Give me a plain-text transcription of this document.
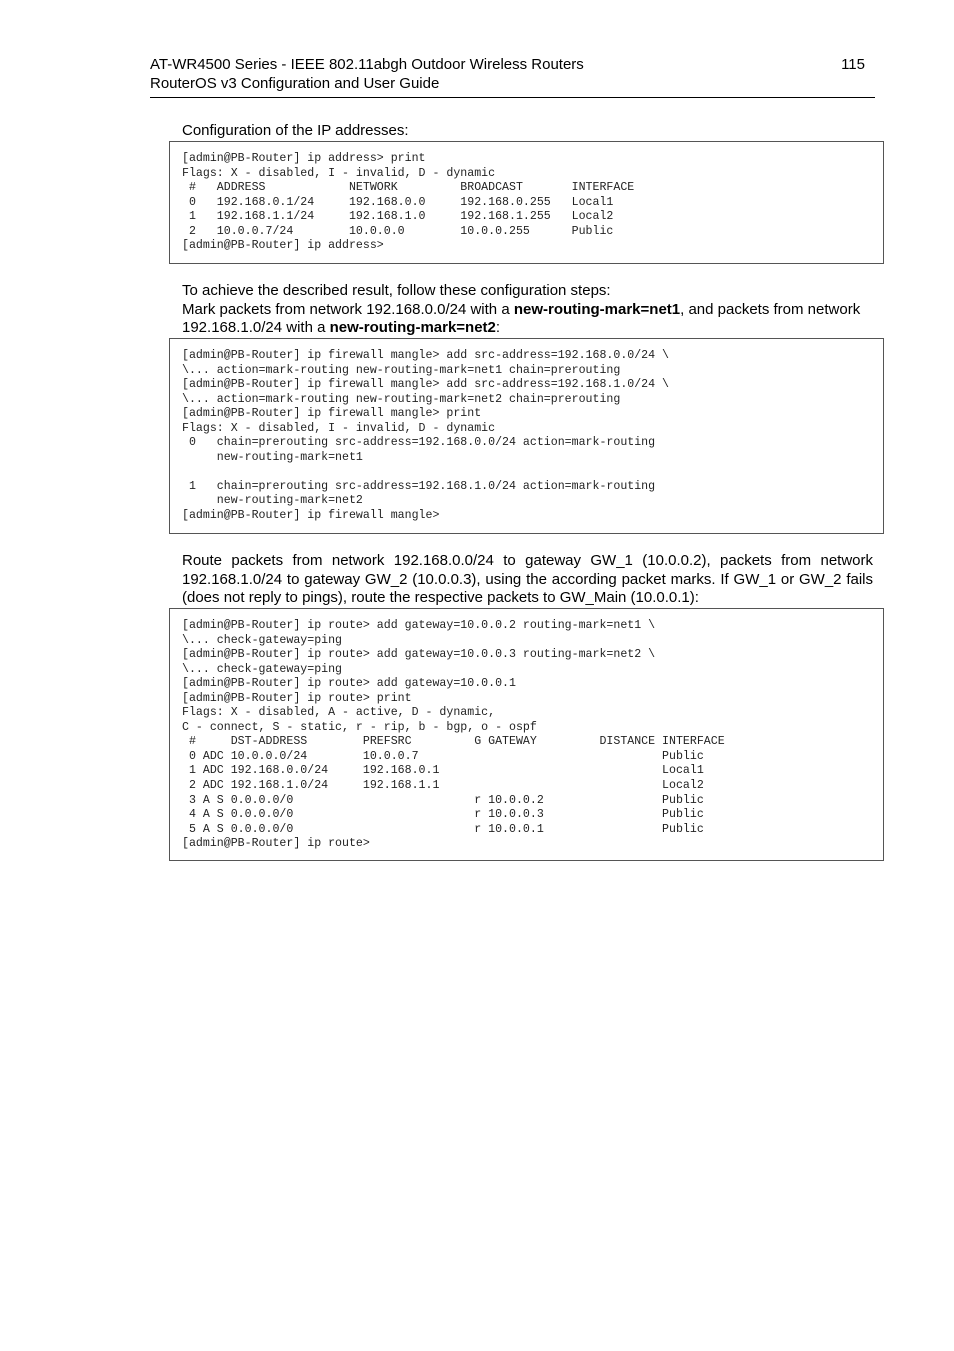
AT-WR4500 Series - IEEE 802.11abgh Outdoor Wireless Routers
RouterOS v3 Configuration and User Guide
115
Configuration of the IP addresses:
[admin@PB-Router] ip address> print
Flags: X - disabled, I - invalid, D - dynamic
#   ADDRESS            NETWORK         BROADCAST       INTERFACE
0   192.168.0.1/24     192.168.0.0     192.168.0.255   Local1
1   192.168.1.1/24     192.168.1.0     192.168.1.255   Local2
2   10.0.0.7/24        10.0.0.0        10.0.0.255      Public
[admin@PB-Router] ip address>
To achieve the described result, follow these configuration steps:
Mark packets from network 192.168.0.0/24 with a new-routing-mark=net1, and packets from network 192.168.1.0/24 with a new-routing-mark=net2:
[admin@PB-Router] ip firewall mangle> add src-address=192.168.0.0/24 \
\... action=mark-routing new-routing-mark=net1 chain=prerouting
[admin@PB-Router] ip firewall mangle> add src-address=192.168.1.0/24 \
\... action=mark-routing new-routing-mark=net2 chain=prerouting
[admin@PB-Router] ip firewall mangle> print
Flags: X - disabled, I - invalid, D - dynamic
0   chain=prerouting src-address=192.168.0.0/24 action=mark-routing
new-routing-mark=net1

1   chain=prerouting src-address=192.168.1.0/24 action=mark-routing
new-routing-mark=net2
[admin@PB-Router] ip firewall mangle>
Route packets from network 192.168.0.0/24 to gateway GW_1 (10.0.0.2), packets from network 192.168.1.0/24 to gateway GW_2 (10.0.0.3), using the according packet marks. If GW_1 or GW_2 fails (does not reply to pings), route the respective packets to GW_Main (10.0.0.1):
[admin@PB-Router] ip route> add gateway=10.0.0.2 routing-mark=net1 \
\... check-gateway=ping
[admin@PB-Router] ip route> add gateway=10.0.0.3 routing-mark=net2 \
\... check-gateway=ping
[admin@PB-Router] ip route> add gateway=10.0.0.1
[admin@PB-Router] ip route> print
Flags: X - disabled, A - active, D - dynamic,
C - connect, S - static, r - rip, b - bgp, o - ospf
#     DST-ADDRESS        PREFSRC         G GATEWAY         DISTANCE INTERFACE
0 ADC 10.0.0.0/24        10.0.0.7                                   Public
1 ADC 192.168.0.0/24     192.168.0.1                                Local1
2 ADC 192.168.1.0/24     192.168.1.1                                Local2
3 A S 0.0.0.0/0                          r 10.0.0.2                 Public
4 A S 0.0.0.0/0                          r 10.0.0.3                 Public
5 A S 0.0.0.0/0                          r 10.0.0.1                 Public
[admin@PB-Router] ip route>
